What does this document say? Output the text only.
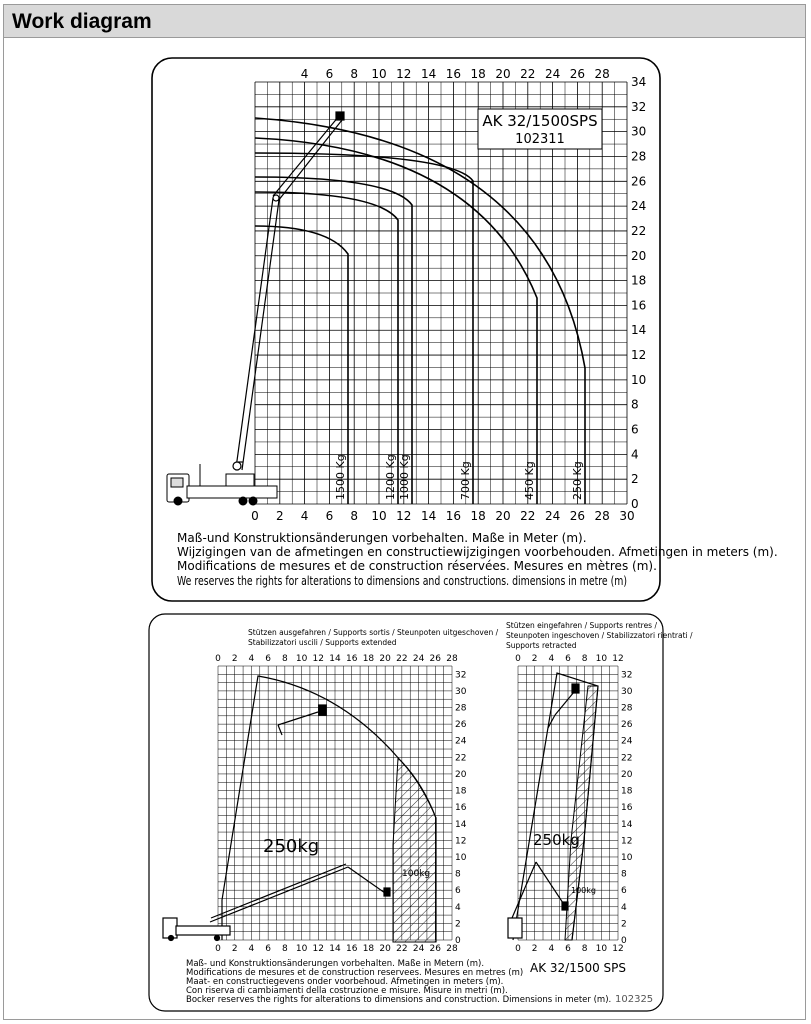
Work diagram
4 6 8 10 12 14 16 18 20 22 24 26 28
0 2 4 6 8 10 12 14 16 18 20 22 24 26 28 30
34
32
30
28
26
24
22
20
18
16
14
12
10
8
6
4
2
0
AK 32/1500SPS
102311
1500 Kg	1200 Kg 1000 Kg	700 Kg	450 Kg	250 Kg
Maß-und Konstruktionsänderungen vorbehalten. Maße in Meter (m).
Wijzigingen van de afmetingen en constructiewijzigingen voorbehouden. Afmetingen in meters (m).
Modifications de mesures et de construction réservées. Mesures en mètres (m).
We reserves the rights for alterations to dimensions and constructions. dimensions in metre (m)
Stützen ausgefahren / Supports sortis / Steunpoten uitgeschoven /
Stabilizzatori uscili / Supports extended
Stützen eingefahren / Supports rentres /
Steunpoten ingeschoven / Stabilizzatori rientrati /
Supports retracted
0
0
2
2
4
4
6
6
8
8
10
10
12
12
14
14
16
16
18
18
20
20
22
22
24
24
26
26
28
28
32
30
28
26
24
22
20
18
16
14
12
10
8
6
4
2
0
0
0
2
2
4
4
6
6
8
8
10
10
12
12
32
30
28
26
24
22
20
18
16
14
12
10
8
6
4
2
0
250kg
100kg
250kg
100kg
Maß- und Konstruktionsänderungen vorbehalten. Maße in Metern (m).
Modifications de mesures et de construction reservees. Mesures en metres (m)
Maat- en constructiegevens onder voorbehoud. Afmetingen in meters (m).
Con riserva di cambiamenti della costruzione e misure. Misure in metri (m).
Bocker reserves the rights for alterations to dimensions and construction. Dimensions in meter (m).
AK 32/1500 SPS
102325
